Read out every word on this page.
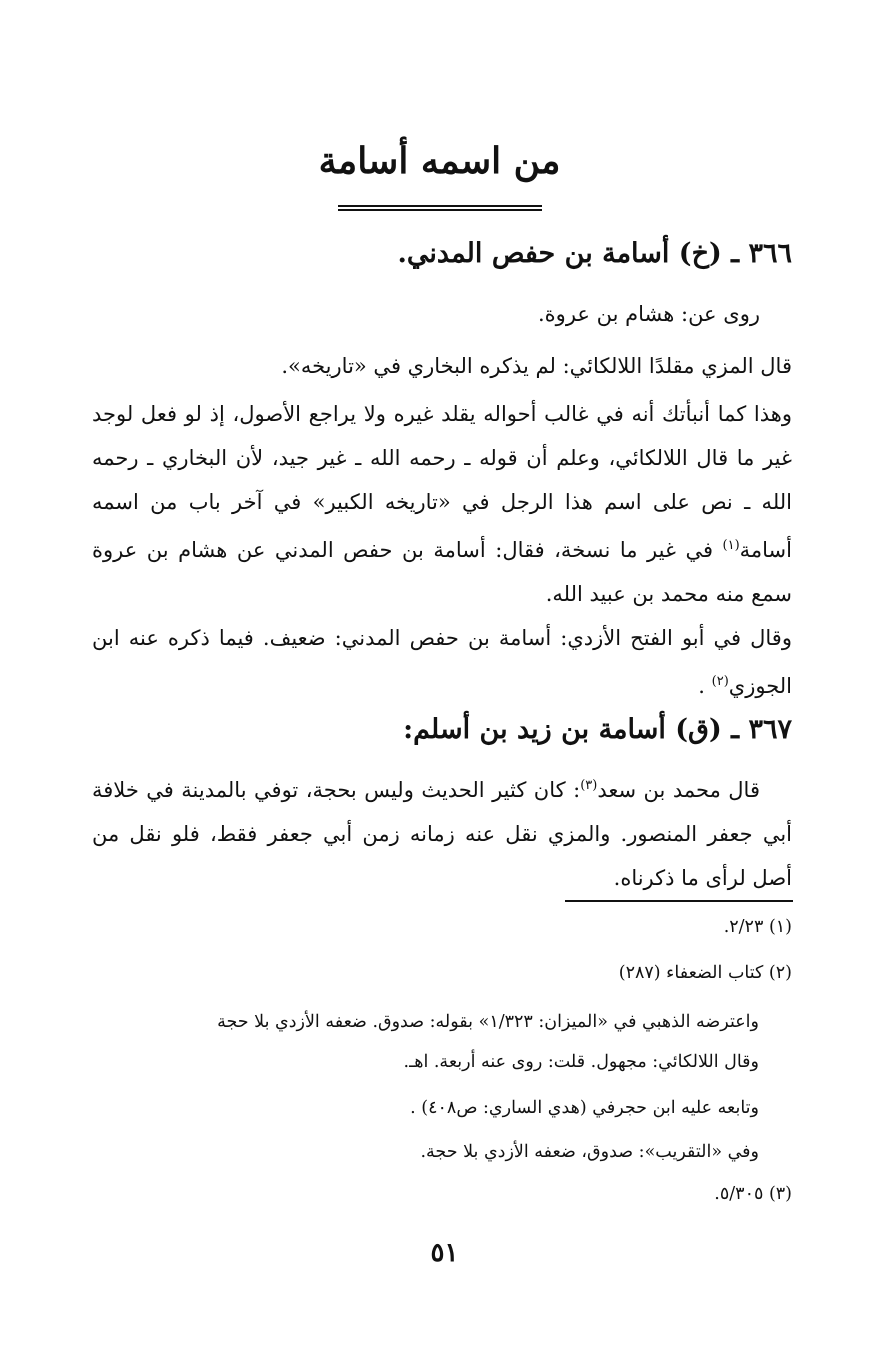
من اسمه أسامة
٣٦٦ ـ (خ) أسامة بن حفص المدني.
روى عن: هشام بن عروة.
قال المزي مقلدًا اللالكائي: لم يذكره البخاري في «تاريخه».
وهذا كما أنبأتك أنه في غالب أحواله يقلد غيره ولا يراجع الأصول، إذ لو فعل لوجد غير ما قال اللالكائي، وعلم أن قوله ـ رحمه الله ـ غير جيد، لأن البخاري ـ رحمه الله ـ نص على اسم هذا الرجل في «تاريخه الكبير» في آخر باب من اسمه أسامة$^{(١)}$ في غير ما نسخة، فقال: أسامة بن حفص المدني عن هشام بن عروة سمع منه محمد بن عبيد الله.
وقال في أبو الفتح الأزدي: أسامة بن حفص المدني: ضعيف. فيما ذكره عنه ابن الجوزي$^{(٢)}$ .
٣٦٧ ـ (ق) أسامة بن زيد بن أسلم:
قال محمد بن سعد$^{(٣)}$: كان كثير الحديث وليس بحجة، توفي بالمدينة في خلافة أبي جعفر المنصور. والمزي نقل عنه زمانه زمن أبي جعفر فقط، فلو نقل من أصل لرأى ما ذكرناه.
(١) ٢/٢٣.
(٢) كتاب الضعفاء (٢٨٧)
واعترضه الذهبي في «الميزان: ١/٣٢٣» بقوله: صدوق. ضعفه الأزدي بلا حجة
وقال اللالكائي: مجهول. قلت: روى عنه أربعة. اهـ.
وتابعه عليه ابن حجرفي (هدي الساري: ص٤٠٨) .
وفي «التقريب»: صدوق، ضعفه الأزدي بلا حجة.
(٣) ٥/٣٠٥.
٥١
